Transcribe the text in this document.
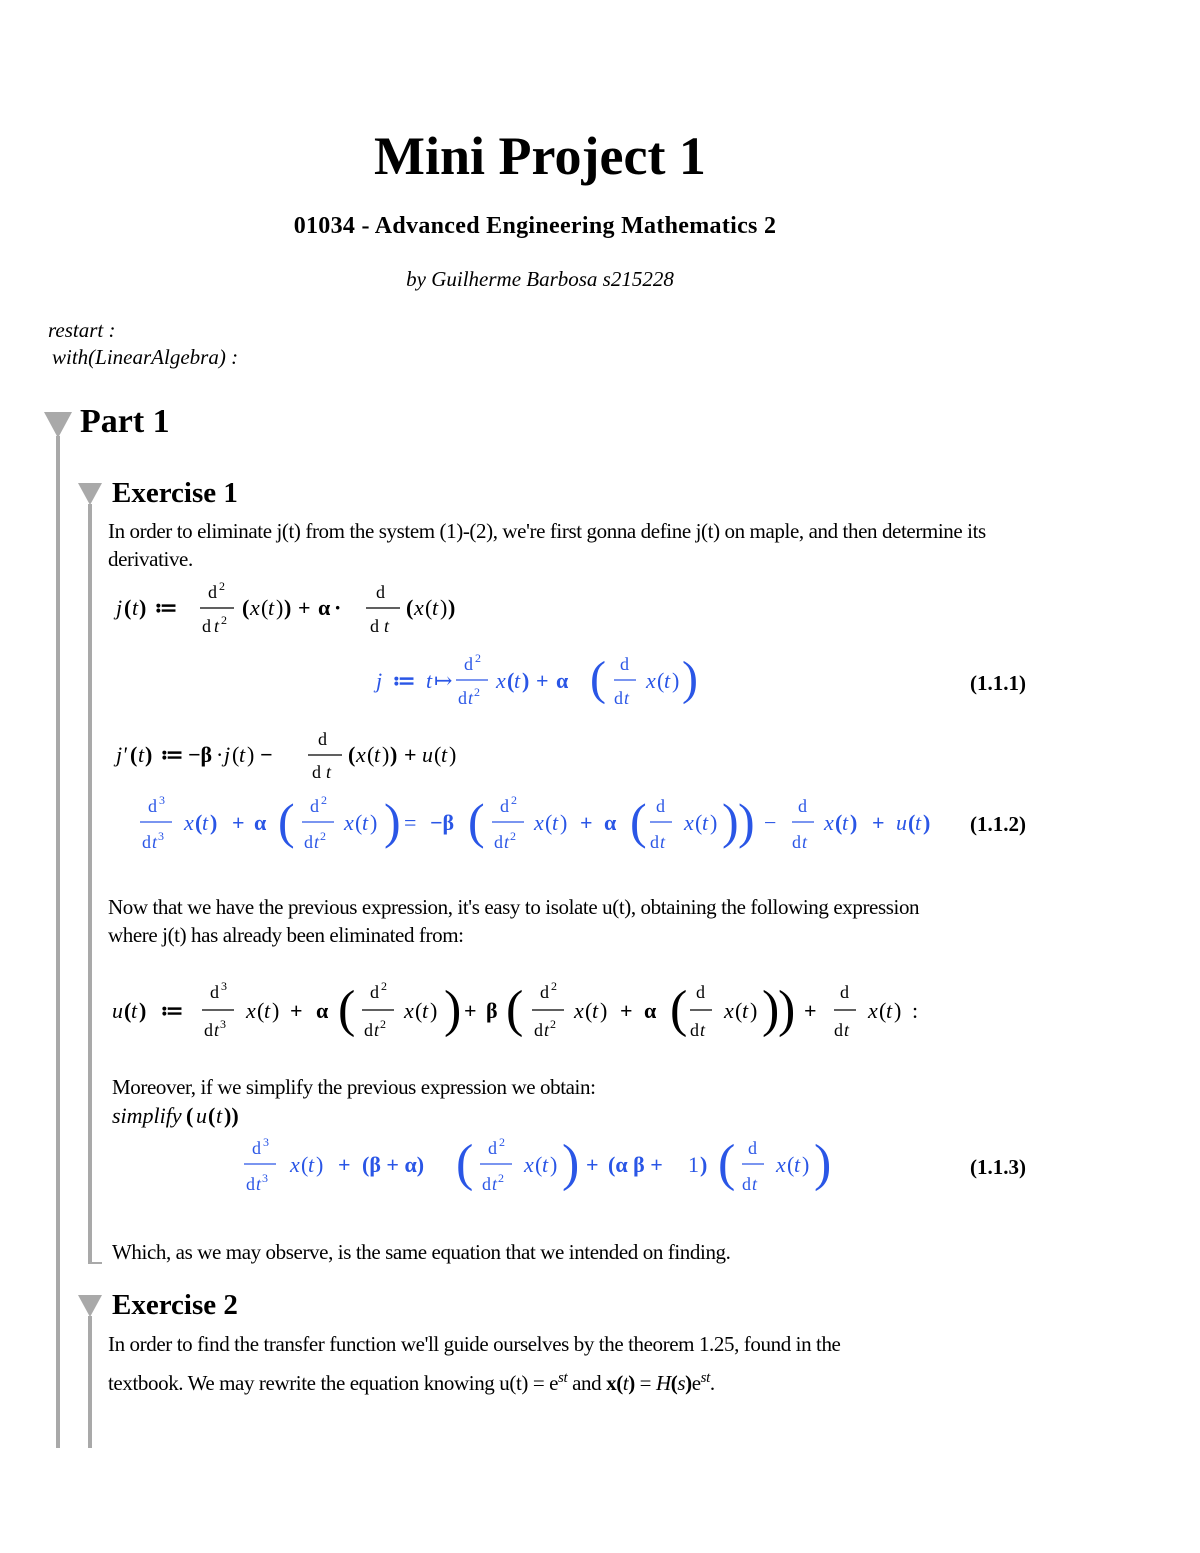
Mini Project 1
01034 - Advanced Engineering Mathematics 2
by Guilherme Barbosa s215228
restart :
with(LinearAlgebra) :
Part 1
Exercise 1
Exercise 2
In order to eliminate j(t) from the system (1)-(2), we're first gonna define j(t) on maple, and then determine its derivative.
j ( t ) ≔
d 2
d t 2 ( x ( t ) ) + α ·
d
d t
( x ( t ) )
j ≔ t ↦
d 2
d t 2 x ( t ) + α ( d
d t
x ( t ) )	(1.1.1)
j' ( t ) ≔ −β · j ( t ) −
d
d t
( x ( t ) ) + u ( t )
d 3
d t 3
x ( t ) + α ( d 2
d t 2
x ( t ) ) = −β ( d 2
d t 2
x ( t ) + α ( d
d t
x ( t ) ) ) −
d
d t
x ( t ) + u ( t ) (1.1.2)
Now that we have the previous expression, it's easy to isolate u(t), obtaining the following expression where j(t) has already been eliminated from:
u ( t ) ≔
d 3
d t 3
x ( t ) + α ( d 2
d t 2
x ( t ) ) + β ( d 2
d t 2
x ( t ) + α ( d
d t
x ( t ) )
) +
d
d t
x ( t ) :
Moreover, if we simplify the previous expression we obtain:
simplify ( u ( t ))
d 3
d t 3
x ( t ) + (β + α) ( d 2
d t 2
x ( t ) ) + (α β + 1 ) ( d
d t
x ( t ) )	(1.1.3)
Which, as we may observe, is the same equation that we intended on finding.
In order to find the transfer function we'll guide ourselves by the theorem 1.25, found in the
textbook. We may rewrite the equation knowing $u(t) = e^{st}$ and $x(t) = H(s)e^{st}$.
